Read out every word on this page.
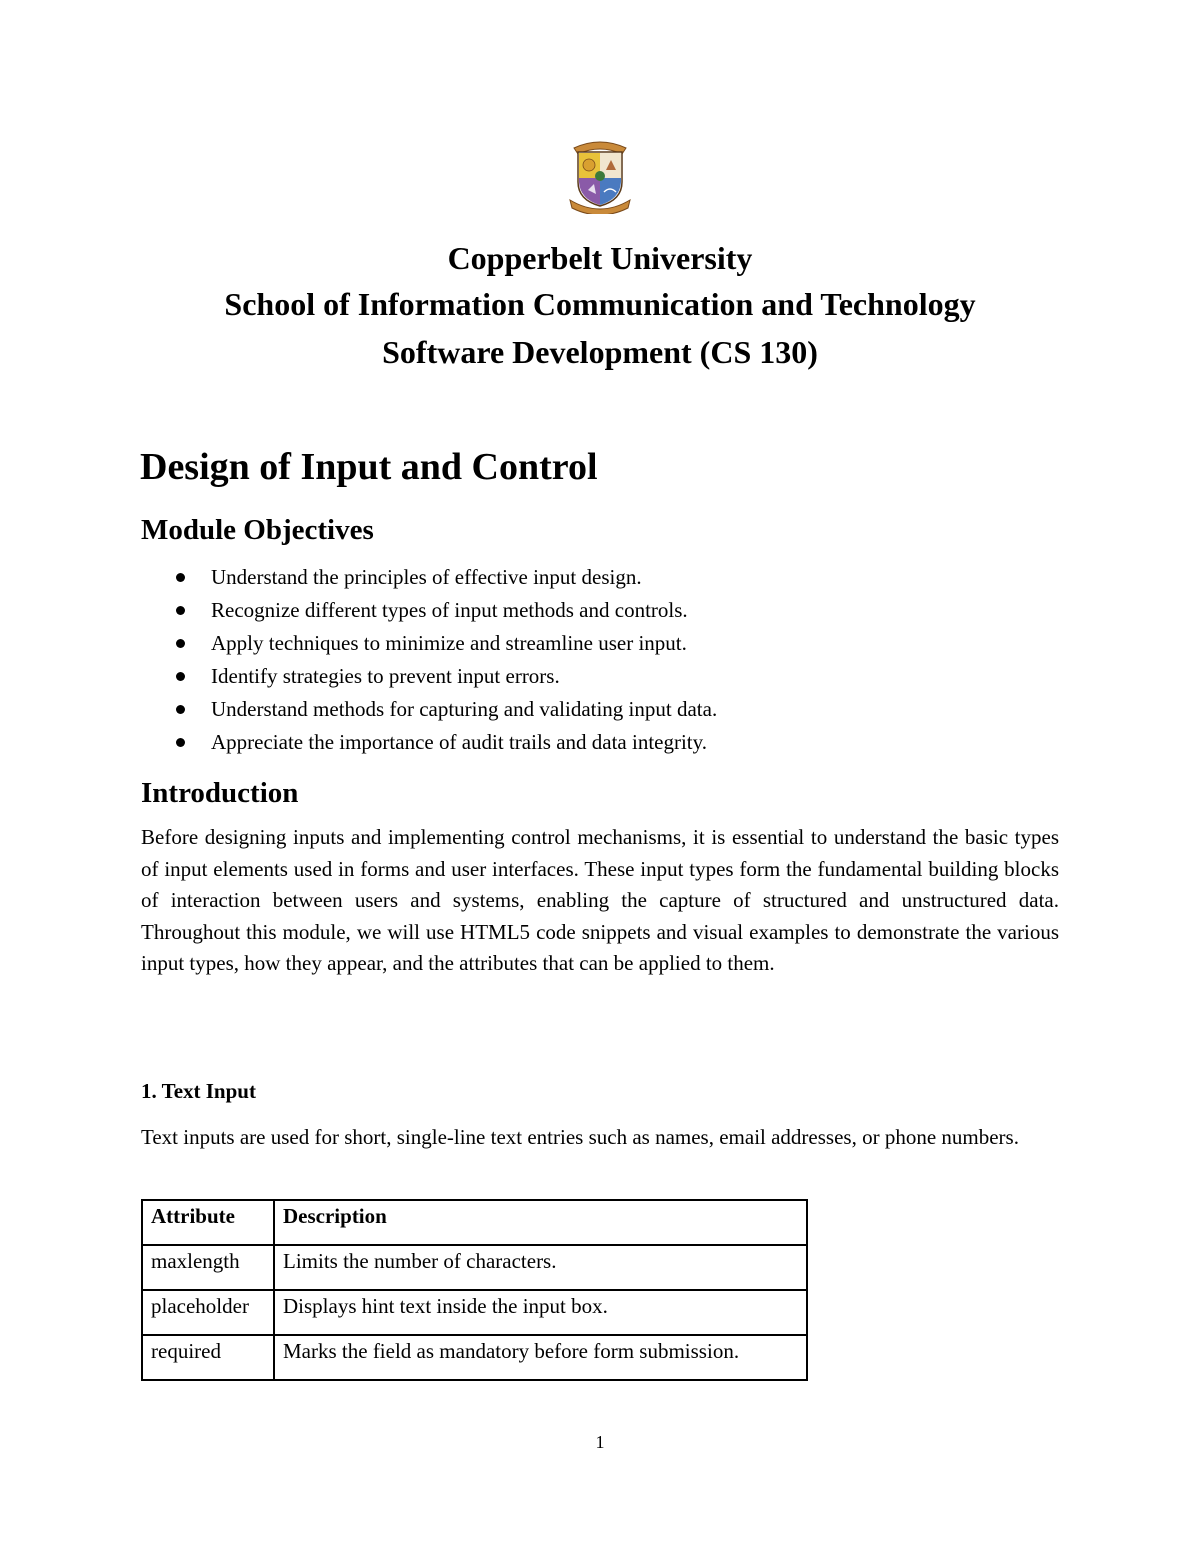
Copperbelt University
School of Information Communication and Technology
Software Development (CS 130)
Design of Input and Control
Module Objectives
Understand the principles of effective input design.
Recognize different types of input methods and controls.
Apply techniques to minimize and streamline user input.
Identify strategies to prevent input errors.
Understand methods for capturing and validating input data.
Appreciate the importance of audit trails and data integrity.
Introduction

Before designing inputs and implementing control mechanisms, it is essential to understand the basic types of input elements used in forms and user interfaces. These input types form the fundamental building blocks of interaction between users and systems, enabling the capture of structured and unstructured data. Throughout this module, we will use HTML5 code snippets and visual examples to demonstrate the various input types, how they appear, and the attributes that can be applied to them.

1. Text Input

Text inputs are used for short, single-line text entries such as names, email addresses, or phone numbers.

Attribute	Description
maxlength	Limits the number of characters.
placeholder	Displays hint text inside the input box.
required	Marks the field as mandatory before form submission.
1
